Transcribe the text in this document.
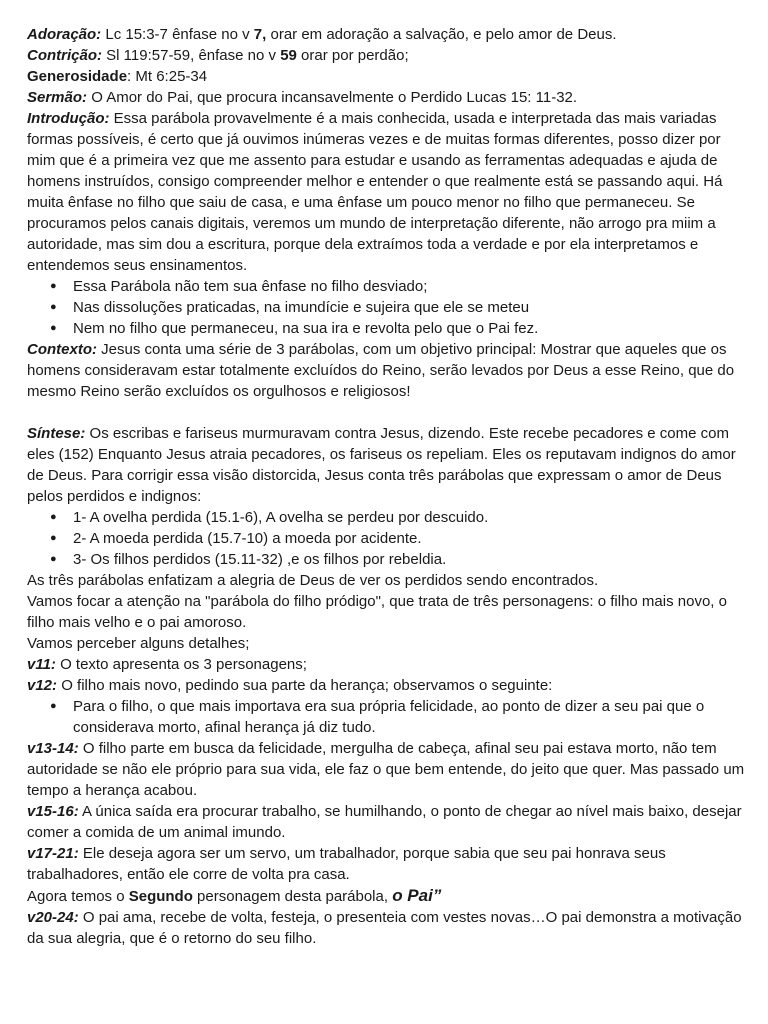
Adoração: Lc 15:3-7 ênfase no v 7, orar em adoração a salvação, e pelo amor de Deus.

Contrição: Sl 119:57-59, ênfase no v 59 orar por perdão;

Generosidade: Mt 6:25-34

Sermão: O Amor do Pai, que procura incansavelmente o Perdido Lucas 15: 11-32.

Introdução: Essa parábola provavelmente é a mais conhecida, usada e interpretada das mais variadas formas possíveis, é certo que já ouvimos inúmeras vezes e de muitas formas diferentes, posso dizer por mim que é a primeira vez que me assento para estudar e usando as ferramentas adequadas e ajuda de homens instruídos, consigo compreender melhor e entender o que realmente está se passando aqui. Há muita ênfase no filho que saiu de casa, e uma ênfase um pouco menor no filho que permaneceu. Se procuramos pelos canais digitais, veremos um mundo de interpretação diferente, não arrogo pra miim a autoridade, mas sim dou a escritura, porque dela extraímos toda a verdade e por ela interpretamos e entendemos seus ensinamentos.

● Essa Parábola não tem sua ênfase no filho desviado;
● Nas dissoluções praticadas, na imundície e sujeira que ele se meteu
● Nem no filho que permaneceu, na sua ira e revolta pelo que o Pai fez.

Contexto: Jesus conta uma série de 3 parábolas, com um objetivo principal: Mostrar que aqueles que os homens consideravam estar totalmente excluídos do Reino, serão levados por Deus a esse Reino, que do mesmo Reino serão excluídos os orgulhosos e religiosos!

Síntese: Os escribas e fariseus murmuravam contra Jesus, dizendo. Este recebe pecadores e come com eles (152) Enquanto Jesus atraia pecadores, os fariseus os repeliam. Eles os reputavam indignos do amor de Deus. Para corrigir essa visão distorcida, Jesus conta três parábolas que expressam o amor de Deus pelos perdidos e indignos:

● 1- A ovelha perdida (15.1-6), A ovelha se perdeu por descuido.
● 2- A moeda perdida (15.7-10) a moeda por acidente.
● 3- Os filhos perdidos (15.11-32) ,e os filhos por rebeldia.

As três parábolas enfatizam a alegria de Deus de ver os perdidos sendo encontrados.

Vamos focar a atenção na "parábola do filho pródigo", que trata de três personagens: o filho mais novo, o filho mais velho e o pai amoroso.

Vamos perceber alguns detalhes;

v11: O texto apresenta os 3 personagens;

v12: O filho mais novo, pedindo sua parte da herança; observamos o seguinte:

● Para o filho, o que mais importava era sua própria felicidade, ao ponto de dizer a seu pai que o considerava morto, afinal herança já diz tudo.

v13-14: O filho parte em busca da felicidade, mergulha de cabeça, afinal seu pai estava morto, não tem autoridade se não ele próprio para sua vida, ele faz o que bem entende, do jeito que quer. Mas passado um tempo a herança acabou.

v15-16: A única saída era procurar trabalho, se humilhando, o ponto de chegar ao nível mais baixo, desejar comer a comida de um animal imundo.

v17-21: Ele deseja agora ser um servo, um trabalhador, porque sabia que seu pai honrava seus trabalhadores, então ele corre de volta pra casa.

Agora temos o Segundo personagem desta parábola, o Pai”

v20-24: O pai ama, recebe de volta, festeja, o presenteia com vestes novas…O pai demonstra a motivação da sua alegria, que é o retorno do seu filho.
